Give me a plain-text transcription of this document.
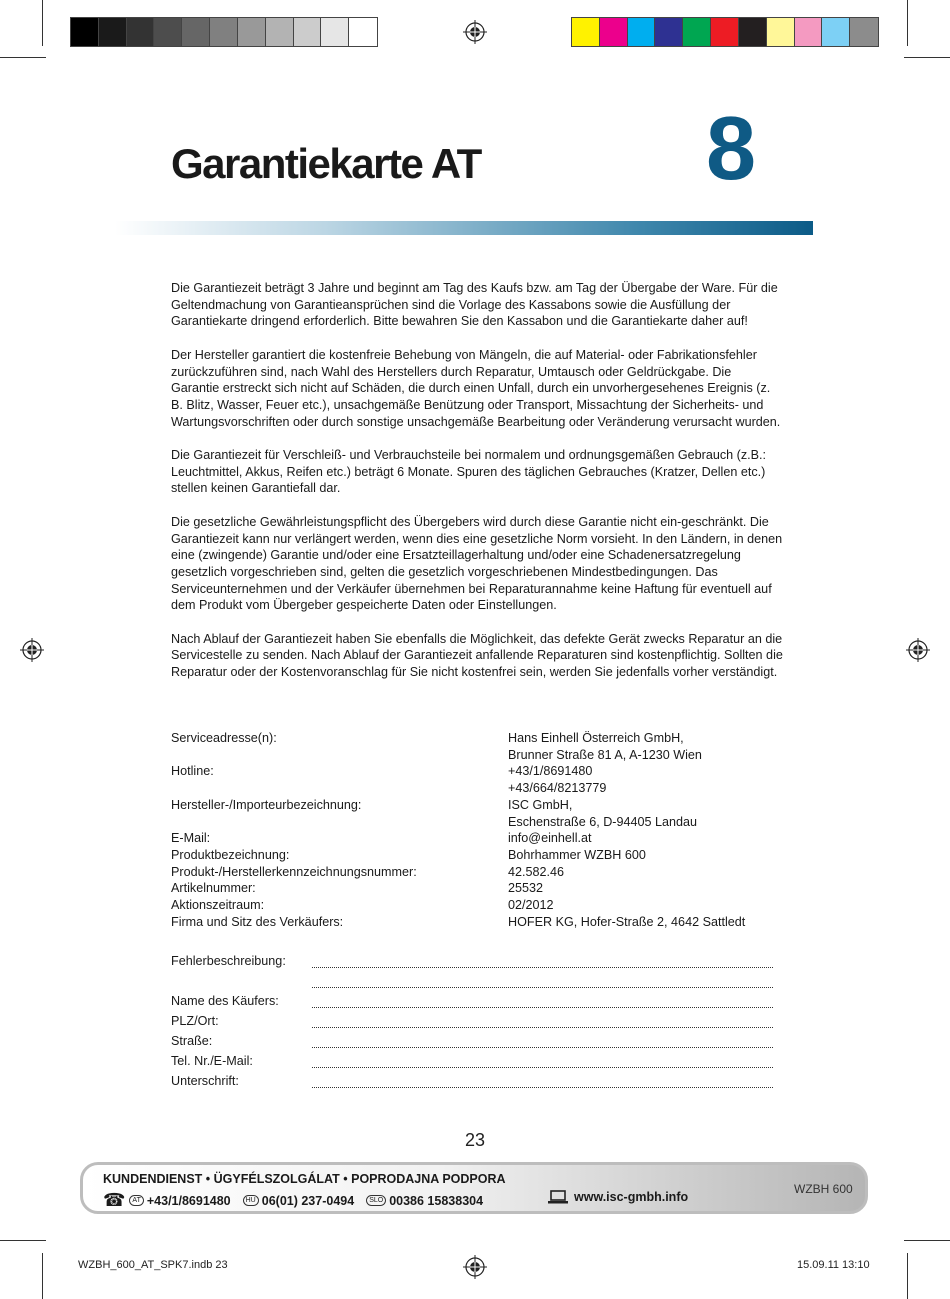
Garantiekarte AT	8

Die Garantiezeit beträgt 3 Jahre und beginnt am Tag des Kaufs bzw. am Tag der Übergabe der Ware. Für die Geltendmachung von Garantieansprüchen sind die Vorlage des Kassabons sowie die Ausfüllung der Garantiekarte dringend erforderlich. Bitte bewahren Sie den Kassabon und die Garantiekarte daher auf!

Der Hersteller garantiert die kostenfreie Behebung von Mängeln, die auf Material- oder Fabrikationsfehler zurückzuführen sind, nach Wahl des Herstellers durch Reparatur, Umtausch oder Geldrückgabe. Die Garantie erstreckt sich nicht auf Schäden, die durch einen Unfall, durch ein unvorhergesehenes Ereignis (z. B. Blitz, Wasser, Feuer etc.), unsachgemäße Benützung oder Transport, Missachtung der Sicherheits- und Wartungsvorschriften oder durch sonstige unsachgemäße Bearbeitung oder Veränderung verursacht wurden.

Die Garantiezeit für Verschleiß- und Verbrauchsteile bei normalem und ordnungsgemäßen Gebrauch (z.B.: Leuchtmittel, Akkus, Reifen etc.) beträgt 6 Monate. Spuren des täglichen Gebrauches (Kratzer, Dellen etc.) stellen keinen Garantiefall dar.

Die gesetzliche Gewährleistungspflicht des Übergebers wird durch diese Garantie nicht ein-geschränkt. Die Garantiezeit kann nur verlängert werden, wenn dies eine gesetzliche Norm vorsieht. In den Ländern, in denen eine (zwingende) Garantie und/oder eine Ersatzteillagerhaltung und/oder eine Schadenersatzregelung gesetzlich vorgeschrieben sind, gelten die gesetzlich vorgeschriebenen Mindestbedingungen. Das Serviceunternehmen und der Verkäufer übernehmen bei Reparaturannahme keine Haftung für eventuell auf dem Produkt vom Übergeber gespeicherte Daten oder Einstellungen.

Nach Ablauf der Garantiezeit haben Sie ebenfalls die Möglichkeit, das defekte Gerät zwecks Reparatur an die Servicestelle zu senden. Nach Ablauf der Garantiezeit anfallende Reparaturen sind kostenpflichtig. Sollten die Reparatur oder der Kostenvoranschlag für Sie nicht kostenfrei sein, werden Sie jedenfalls vorher verständigt.

Serviceadresse(n):	Hans Einhell Österreich GmbH,
Brunner Straße 81 A, A-1230 Wien
Hotline:	+43/1/8691480
+43/664/8213779
Hersteller-/Importeurbezeichnung:	ISC GmbH,
Eschenstraße 6, D-94405 Landau
E-Mail:	info@einhell.at
Produktbezeichnung:	Bohrhammer WZBH 600
Produkt-/Herstellerkennzeichnungsnummer:	42.582.46
Artikelnummer:	25532
Aktionszeitraum:	02/2012
Firma und Sitz des Verkäufers:	HOFER KG, Hofer-Straße 2, 4642 Sattledt
Fehlerbeschreibung:
Name des Käufers:
PLZ/Ort:
Straße:
Tel. Nr./E-Mail:
Unterschrift:
23
KUNDENDIENST • ÜGYFÉLSZOLGÁLAT • POPRODAJNA PODPORA
☎	AT +43/1/8691480	HU 06(01) 237-0494	SLO 00386 15838304	www.isc-gmbh.info
WZBH 600
WZBH_600_AT_SPK7.indb 23	15.09.11 13:10
